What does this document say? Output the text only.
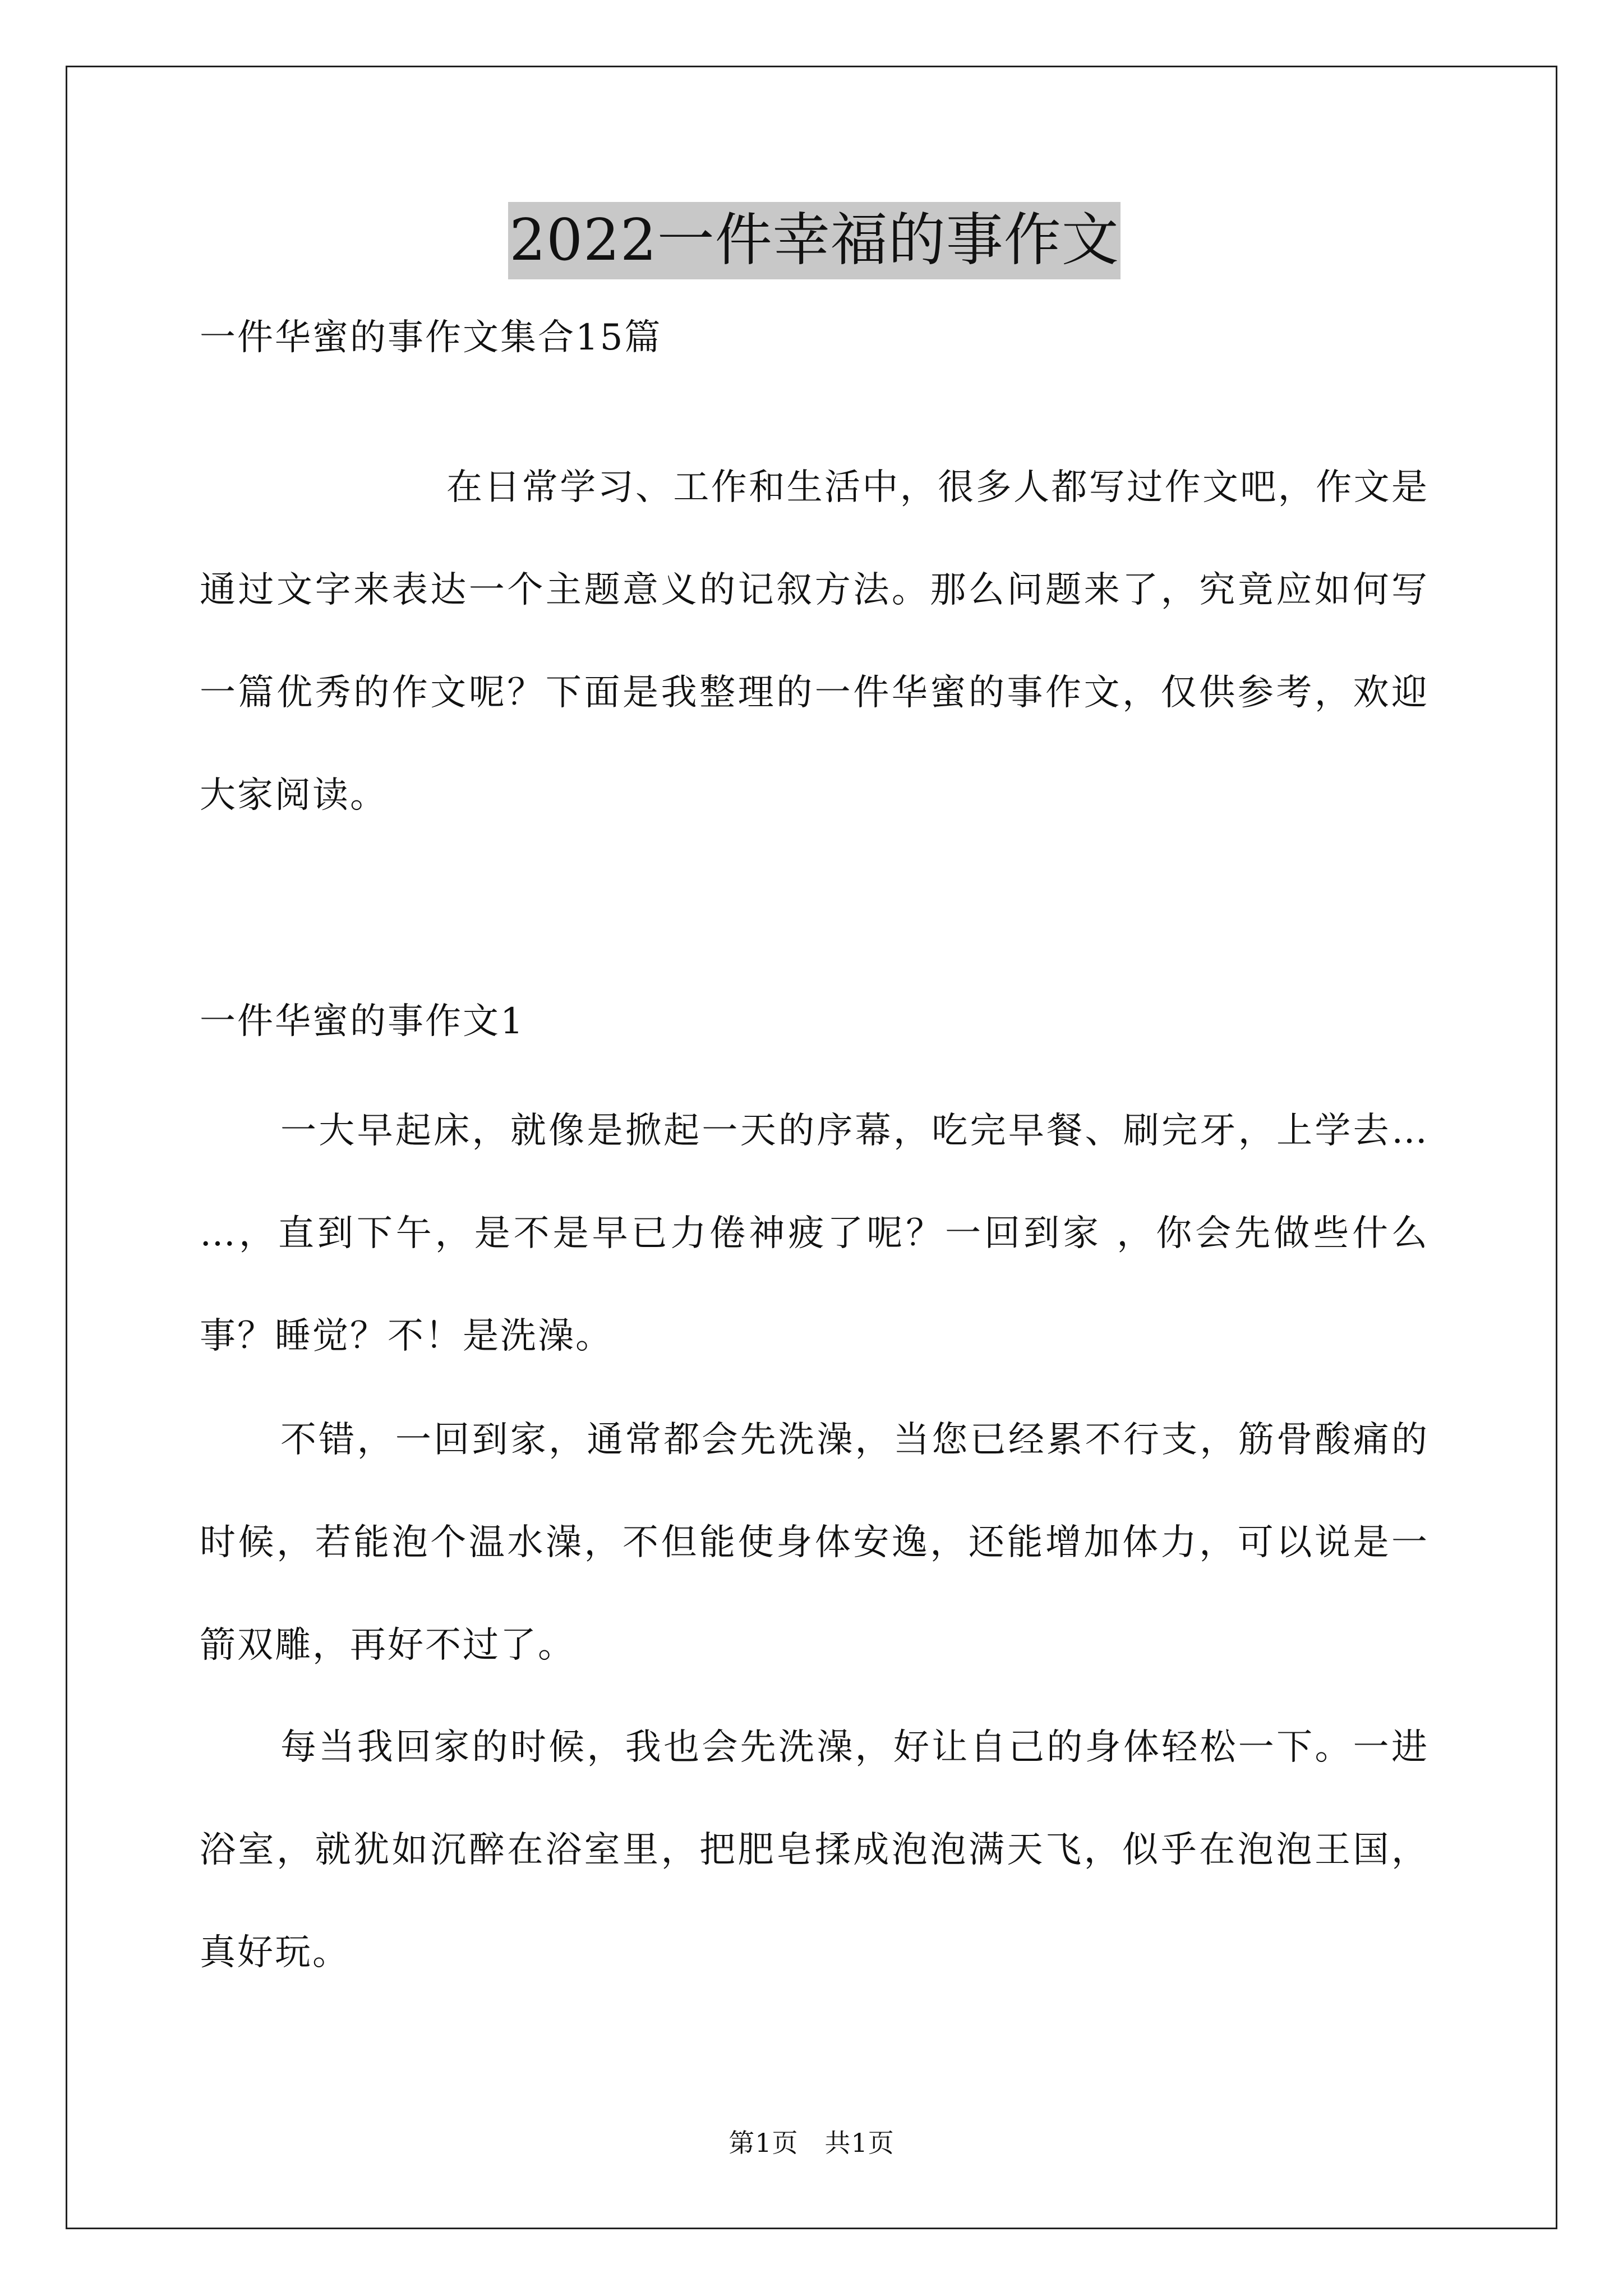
2022一件幸福的事作文
一件华蜜的事作文集合15篇
在日常学习、工作和生活中，很多人都写过作文吧，作文是通过文字来表达一个主题意义的记叙方法。那么问题来了，究竟应如何写一篇优秀的作文呢？下面是我整理的一件华蜜的事作文，仅供参考，欢迎大家阅读。
一件华蜜的事作文1
一大早起床，就像是掀起一天的序幕，吃完早餐、刷完牙，上学去… …，直到下午，是不是早已力倦神疲了呢？一回到家 ，你会先做些什么事？睡觉？不！是洗澡。
不错，一回到家，通常都会先洗澡，当您已经累不行支，筋骨酸痛的时候，若能泡个温水澡，不但能使身体安逸，还能增加体力，可以说是一箭双雕，再好不过了。
每当我回家的时候，我也会先洗澡，好让自己的身体轻松一下。一进浴室，就犹如沉醉在浴室里，把肥皂揉成泡泡满天飞，似乎在泡泡王国，真好玩。
第1页　共1页
